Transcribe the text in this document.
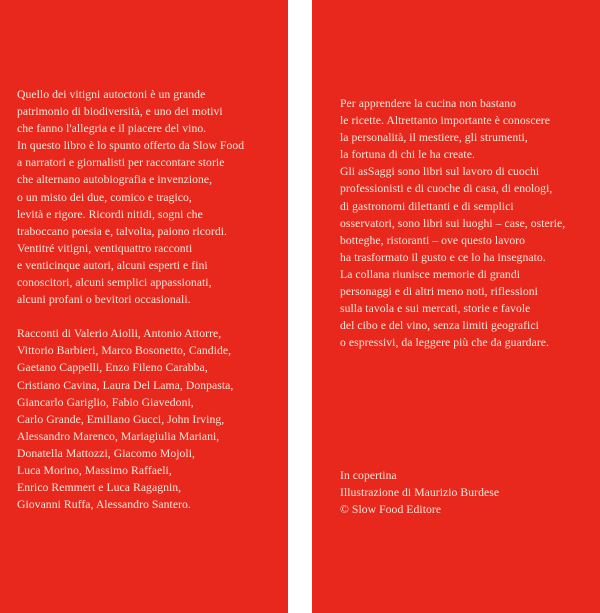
Quello dei vitigni autoctoni è un grande
patrimonio di biodiversità, e uno dei motivi
che fanno l'allegria e il piacere del vino.
In questo libro è lo spunto offerto da Slow Food
a narratori e giornalisti per raccontare storie
che alternano autobiografia e invenzione,
o un misto dei due, comico e tragico,
levità e rigore. Ricordi nitidi, sogni che
traboccano poesia e, talvolta, paiono ricordi.
Ventitré vitigni, ventiquattro racconti
e venticinque autori, alcuni esperti e fini
conoscitori, alcuni semplici appassionati,
alcuni profani o bevitori occasionali.
Racconti di Valerio Aiolli, Antonio Attorre,
Vittorio Barbieri, Marco Bosonetto, Candide,
Gaetano Cappelli, Enzo Fileno Carabba,
Cristiano Cavina, Laura Del Lama, Donpasta,
Giancarlo Gariglio, Fabio Giavedoni,
Carlo Grande, Emiliano Gucci, John Irving,
Alessandro Marenco, Mariagiulia Mariani,
Donatella Mattozzi, Giacomo Mojoli,
Luca Morino, Massimo Raffaeli,
Enrico Remmert e Luca Ragagnin,
Giovanni Ruffa, Alessandro Santero.
Per apprendere la cucina non bastano
le ricette. Altrettanto importante è conoscere
la personalità, il mestiere, gli strumenti,
la fortuna di chi le ha create.
Gli asSaggi sono libri sul lavoro di cuochi
professionisti e di cuoche di casa, di enologi,
di gastronomi dilettanti e di semplici
osservatori, sono libri sui luoghi – case, osterie,
botteghe, ristoranti – ove questo lavoro
ha trasformato il gusto e ce lo ha insegnato.
La collana riunisce memorie di grandi
personaggi e di altri meno noti, riflessioni
sulla tavola e sui mercati, storie e favole
del cibo e del vino, senza limiti geografici
o espressivi, da leggere più che da guardare.
In copertina
Illustrazione di Maurizio Burdese
© Slow Food Editore
